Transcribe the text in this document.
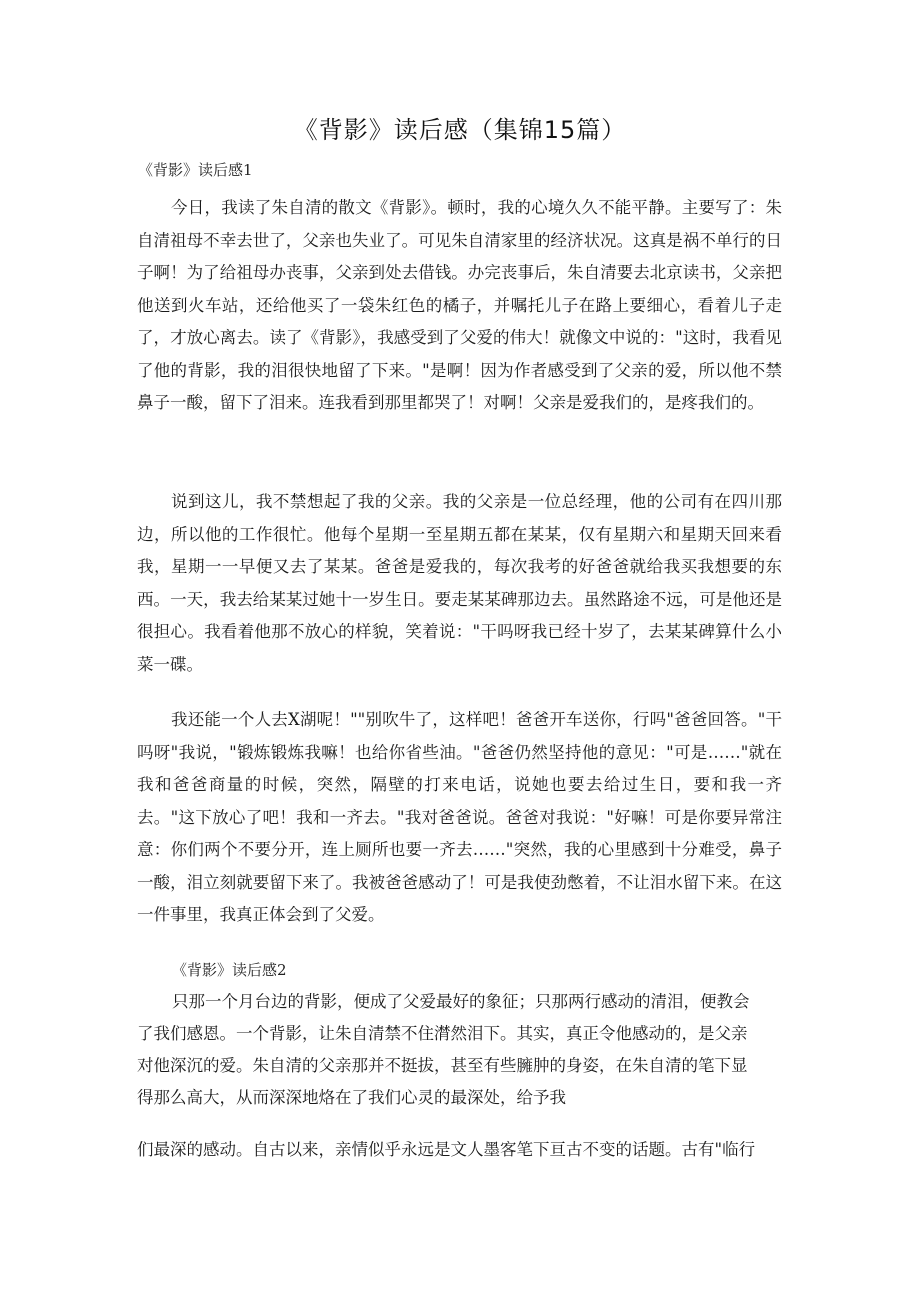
《背影》读后感（集锦15篇）
《背影》读后感1

今日，我读了朱自清的散文《背影》。顿时，我的心境久久不能平静。主要写了：朱自清祖母不幸去世了，父亲也失业了。可见朱自清家里的经济状况。这真是祸不单行的日子啊！为了给祖母办丧事，父亲到处去借钱。办完丧事后，朱自清要去北京读书，父亲把他送到火车站，还给他买了一袋朱红色的橘子，并嘱托儿子在路上要细心，看着儿子走了，才放心离去。读了《背影》，我感受到了父爱的伟大！就像文中说的："这时，我看见了他的背影，我的泪很快地留了下来。"是啊！因为作者感受到了父亲的爱，所以他不禁鼻子一酸，留下了泪来。连我看到那里都哭了！对啊！父亲是爱我们的，是疼我们的。

说到这儿，我不禁想起了我的父亲。我的父亲是一位总经理，他的公司有在四川那边，所以他的工作很忙。他每个星期一至星期五都在某某，仅有星期六和星期天回来看我，星期一一早便又去了某某。爸爸是爱我的，每次我考的好爸爸就给我买我想要的东西。一天，我去给某某过她十一岁生日。要走某某碑那边去。虽然路途不远，可是他还是很担心。我看着他那不放心的样貌，笑着说："干吗呀我已经十岁了，去某某碑算什么小菜一碟。

我还能一个人去X湖呢！""别吹牛了，这样吧！爸爸开车送你，行吗"爸爸回答。"干吗呀"我说，"锻炼锻炼我嘛！也给你省些油。"爸爸仍然坚持他的意见："可是……"就在我和爸爸商量的时候，突然，隔壁的打来电话，说她也要去给过生日，要和我一齐去。"这下放心了吧！我和一齐去。"我对爸爸说。爸爸对我说："好嘛！可是你要异常注意：你们两个不要分开，连上厕所也要一齐去……"突然，我的心里感到十分难受，鼻子一酸，泪立刻就要留下来了。我被爸爸感动了！可是我使劲憋着，不让泪水留下来。在这一件事里，我真正体会到了父爱。

《背影》读后感2
只那一个月台边的背影，便成了父爱最好的象征；只那两行感动的清泪，便教会
了我们感恩。一个背影，让朱自清禁不住潸然泪下。其实，真正令他感动的，是父亲
对他深沉的爱。朱自清的父亲那并不挺拔，甚至有些臃肿的身姿，在朱自清的笔下显
得那么高大，从而深深地烙在了我们心灵的最深处，给予我
们最深的感动。自古以来，亲情似乎永远是文人墨客笔下亘古不变的话题。古有"临行
